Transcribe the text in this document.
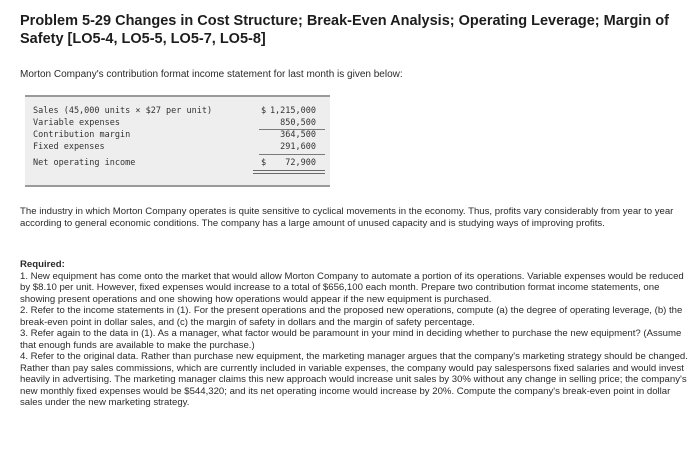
Problem 5-29 Changes in Cost Structure; Break-Even Analysis; Operating Leverage; Margin of Safety [LO5-4, LO5-5, LO5-7, LO5-8]
Morton Company's contribution format income statement for last month is given below:
Sales (45,000 units × $27 per unit)	$ 1,215,000
Variable expenses	850,500
Contribution margin	364,500
Fixed expenses	291,600
Net operating income	$ 72,900
The industry in which Morton Company operates is quite sensitive to cyclical movements in the economy. Thus, profits vary considerably from year to year according to general economic conditions. The company has a large amount of unused capacity and is studying ways of improving profits.
Required:
1. New equipment has come onto the market that would allow Morton Company to automate a portion of its operations. Variable expenses would be reduced by $8.10 per unit. However, fixed expenses would increase to a total of $656,100 each month. Prepare two contribution format income statements, one showing present operations and one showing how operations would appear if the new equipment is purchased.
2. Refer to the income statements in (1). For the present operations and the proposed new operations, compute (a) the degree of operating leverage, (b) the break-even point in dollar sales, and (c) the margin of safety in dollars and the margin of safety percentage.
3. Refer again to the data in (1). As a manager, what factor would be paramount in your mind in deciding whether to purchase the new equipment? (Assume that enough funds are available to make the purchase.)
4. Refer to the original data. Rather than purchase new equipment, the marketing manager argues that the company's marketing strategy should be changed. Rather than pay sales commissions, which are currently included in variable expenses, the company would pay salespersons fixed salaries and would invest heavily in advertising. The marketing manager claims this new approach would increase unit sales by 30% without any change in selling price; the company's new monthly fixed expenses would be $544,320; and its net operating income would increase by 20%. Compute the company's break-even point in dollar sales under the new marketing strategy.
